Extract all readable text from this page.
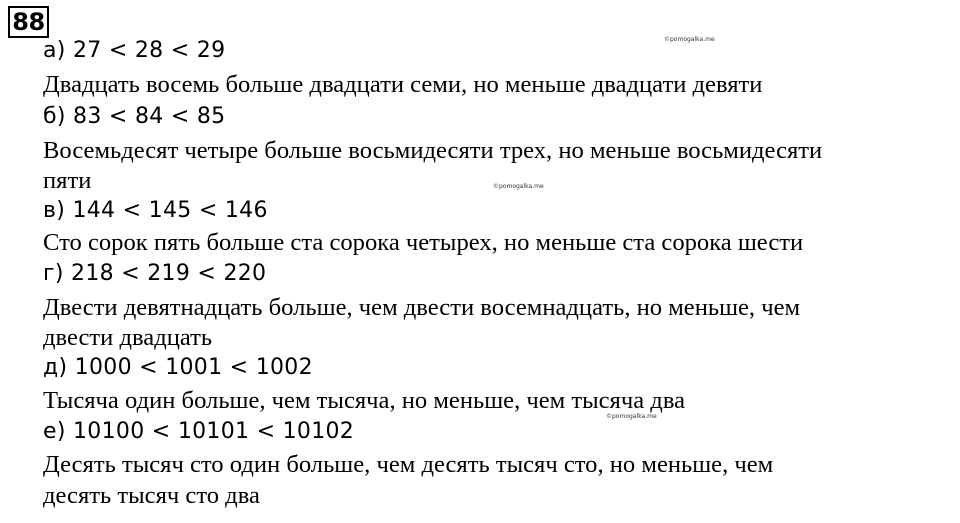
88
а) 27 < 28 < 29
Двадцать восемь больше двадцати семи, но меньше двадцати девяти
б) 83 < 84 < 85
Восемьдесят четыре больше восьмидесяти трех, но меньше восьмидесяти
пяти
в) 144 < 145 < 146
Сто сорок пять больше ста сорока четырех, но меньше ста сорока шести
г) 218 < 219 < 220
Двести девятнадцать больше, чем двести восемнадцать, но меньше, чем
двести двадцать
д) 1000 < 1001 < 1002
Тысяча один больше, чем тысяча, но меньше, чем тысяча два
е) 10100 < 10101 < 10102
Десять тысяч сто один больше, чем десять тысяч сто, но меньше, чем
десять тысяч сто два
©pomogalka.me
©pomogalka.me
©pomogalka.me
